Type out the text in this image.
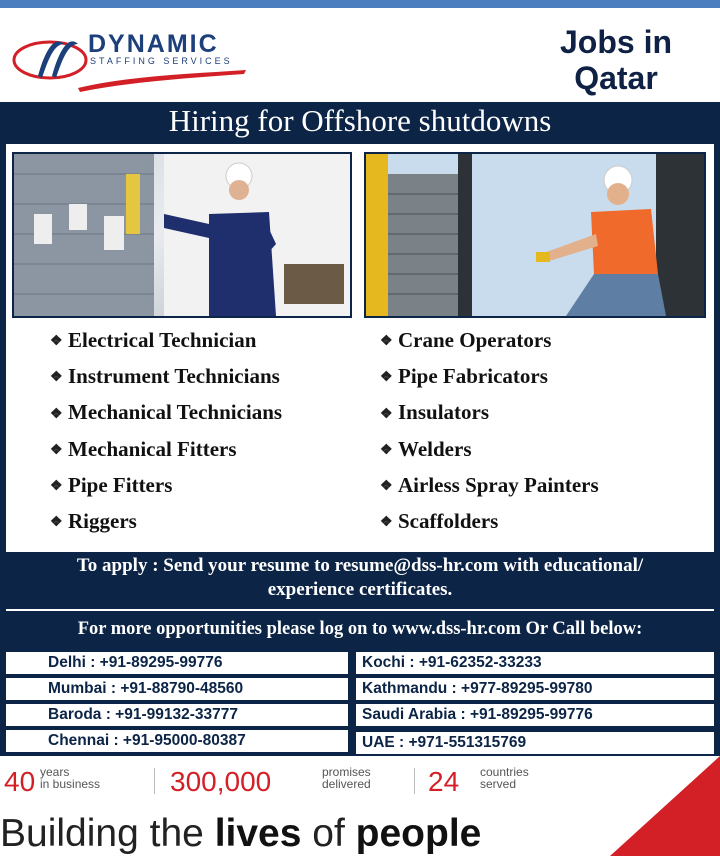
DYNAMIC
STAFFING SERVICES
Jobs in
Qatar
Hiring for Offshore shutdowns
❖ Electrical Technician
❖ Instrument Technicians
❖ Mechanical Technicians
❖ Mechanical Fitters
❖ Pipe Fitters
❖ Riggers
❖ Crane Operators
❖ Pipe Fabricators
❖ Insulators
❖ Welders
❖ Airless Spray Painters
❖ Scaffolders
To apply : Send your resume to resume@dss-hr.com with educational/
experience certificates.
For more opportunities please log on to www.dss-hr.com Or Call below:
Delhi : +91-89295-99776
Mumbai : +91-88790-48560
Baroda : +91-99132-33777
Chennai : +91-95000-80387
Kochi : +91-62352-33233
Kathmandu : +977-89295-99780
Saudi Arabia : +91-89295-99776
UAE : +971-551315769
40 years
in business 300,000	promises
delivered 24 countries
served
Building the lives of people
